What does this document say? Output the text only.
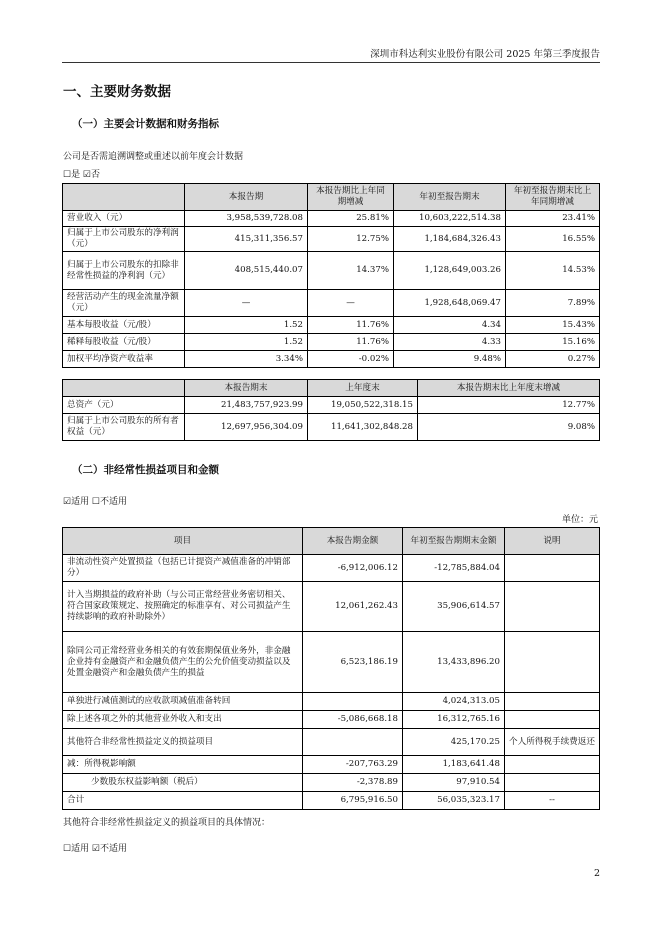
深圳市科达利实业股份有限公司 2025 年第三季度报告
一、主要财务数据
（一）主要会计数据和财务指标
公司是否需追溯调整或重述以前年度会计数据
☐是 ☑否
	本报告期	本报告期比上年同期增减	年初至报告期末	年初至报告期末比上年同期增减
营业收入（元）	3,958,539,728.08	25.81%	10,603,222,514.38	23.41%
归属于上市公司股东的净利润（元）	415,311,356.57	12.75%	1,184,684,326.43	16.55%
归属于上市公司股东的扣除非经常性损益的净利润（元）	408,515,440.07	14.37%	1,128,649,003.26	14.53%
经营活动产生的现金流量净额（元）	—	—	1,928,648,069.47	7.89%
基本每股收益（元/股）	1.52	11.76%	4.34	15.43%
稀释每股收益（元/股）	1.52	11.76%	4.33	15.16%
加权平均净资产收益率	3.34%	-0.02%	9.48%	0.27%
	本报告期末	上年度末	本报告期末比上年度末增减
总资产（元）	21,483,757,923.99	19,050,522,318.15	12.77%
归属于上市公司股东的所有者权益（元）	12,697,956,304.09	11,641,302,848.28	9.08%
（二）非经常性损益项目和金额
☑适用 ☐不适用
单位：元
项目	本报告期金额	年初至报告期期末金额	说明
非流动性资产处置损益（包括已计提资产减值准备的冲销部分）	-6,912,006.12	-12,785,884.04	
计入当期损益的政府补助（与公司正常经营业务密切相关、符合国家政策规定、按照确定的标准享有、对公司损益产生持续影响的政府补助除外）	12,061,262.43	35,906,614.57	
除同公司正常经营业务相关的有效套期保值业务外，非金融企业持有金融资产和金融负债产生的公允价值变动损益以及处置金融资产和金融负债产生的损益	6,523,186.19	13,433,896.20	
单独进行减值测试的应收款项减值准备转回		4,024,313.05	
除上述各项之外的其他营业外收入和支出	-5,086,668.18	16,312,765.16	
其他符合非经常性损益定义的损益项目		425,170.25	个人所得税手续费返还
减：所得税影响额	-207,763.29	1,183,641.48	
少数股东权益影响额（税后）	-2,378.89	97,910.54	
合计	6,795,916.50	56,035,323.17	--
其他符合非经常性损益定义的损益项目的具体情况：
☐适用 ☑不适用
2
